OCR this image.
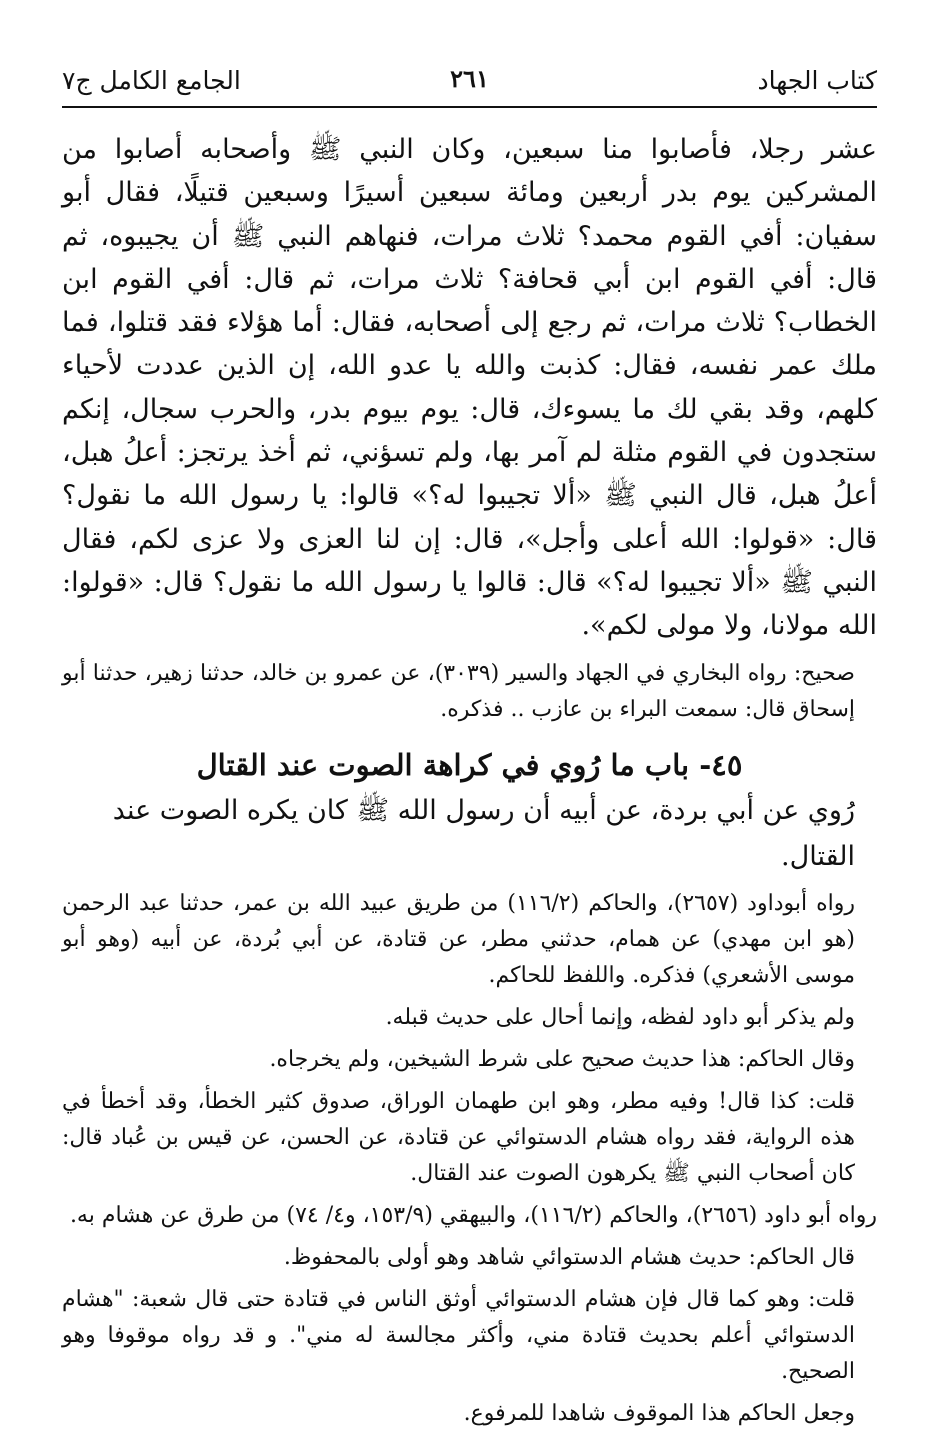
كتاب الجهاد
٢٦١
الجامع الكامل ج٧

عشر رجلا، فأصابوا منا سبعين، وكان النبي ﷺ وأصحابه أصابوا من المشركين يوم بدر أربعين ومائة سبعين أسيرًا وسبعين قتيلًا، فقال أبو سفيان: أفي القوم محمد؟ ثلاث مرات، فنهاهم النبي ﷺ أن يجيبوه، ثم قال: أفي القوم ابن أبي قحافة؟ ثلاث مرات، ثم قال: أفي القوم ابن الخطاب؟ ثلاث مرات، ثم رجع إلى أصحابه، فقال: أما هؤلاء فقد قتلوا، فما ملك عمر نفسه، فقال: كذبت والله يا عدو الله، إن الذين عددت لأحياء كلهم، وقد بقي لك ما يسوءك، قال: يوم بيوم بدر، والحرب سجال، إنكم ستجدون في القوم مثلة لم آمر بها، ولم تسؤني، ثم أخذ يرتجز: أعلُ هبل، أعلُ هبل، قال النبي ﷺ «ألا تجيبوا له؟» قالوا: يا رسول الله ما نقول؟ قال: «قولوا: الله أعلى وأجل»، قال: إن لنا العزى ولا عزى لكم، فقال النبي ﷺ «ألا تجيبوا له؟» قال: قالوا يا رسول الله ما نقول؟ قال: «قولوا: الله مولانا، ولا مولى لكم».

صحيح: رواه البخاري في الجهاد والسير (٣٠٣٩)، عن عمرو بن خالد، حدثنا زهير، حدثنا أبو إسحاق قال: سمعت البراء بن عازب .. فذكره.

٤٥- باب ما رُوي في كراهة الصوت عند القتال

رُوي عن أبي بردة، عن أبيه أن رسول الله ﷺ كان يكره الصوت عند القتال.

رواه أبوداود (٢٦٥٧)، والحاكم (١١٦/٢) من طريق عبيد الله بن عمر، حدثنا عبد الرحمن (هو ابن مهدي) عن همام، حدثني مطر، عن قتادة، عن أبي بُردة، عن أبيه (وهو أبو موسى الأشعري) فذكره. واللفظ للحاكم.

ولم يذكر أبو داود لفظه، وإنما أحال على حديث قبله.

وقال الحاكم: هذا حديث صحيح على شرط الشيخين، ولم يخرجاه.

قلت: كذا قال! وفيه مطر، وهو ابن طهمان الوراق، صدوق كثير الخطأ، وقد أخطأ في هذه الرواية، فقد رواه هشام الدستوائي عن قتادة، عن الحسن، عن قيس بن عُباد قال: كان أصحاب النبي ﷺ يكرهون الصوت عند القتال.

رواه أبو داود (٢٦٥٦)، والحاكم (١١٦/٢)، والبيهقي (١٥٣/٩، و٤/ ٧٤) من طرق عن هشام به.

قال الحاكم: حديث هشام الدستوائي شاهد وهو أولى بالمحفوظ.

قلت: وهو كما قال فإن هشام الدستوائي أوثق الناس في قتادة حتى قال شعبة: "هشام الدستوائي أعلم بحديث قتادة مني، وأكثر مجالسة له مني". و قد رواه موقوفا وهو الصحيح.

وجعل الحاكم هذا الموقوف شاهدا للمرفوع.
